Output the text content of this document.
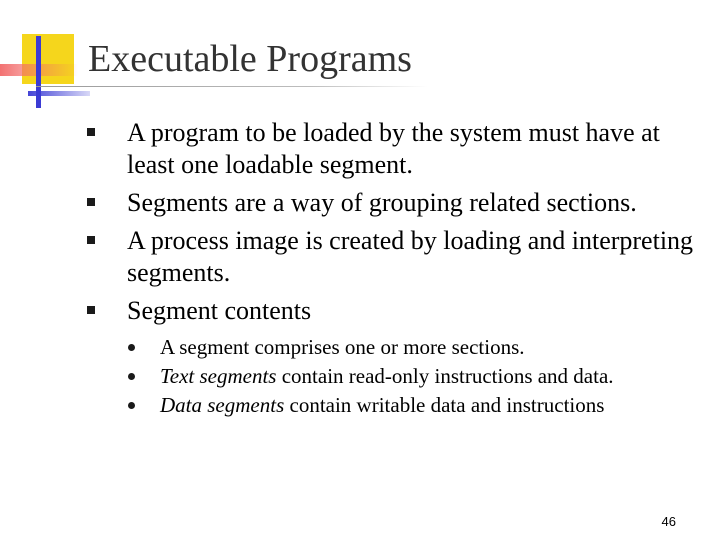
Executable Programs
A program to be loaded by the system must have at least one loadable segment.
Segments are a way of grouping related sections.
A process image is created by loading and interpreting segments.
Segment contents
A segment comprises one or more sections.
Text segments contain read-only instructions and data.
Data segments contain writable data and instructions
46
